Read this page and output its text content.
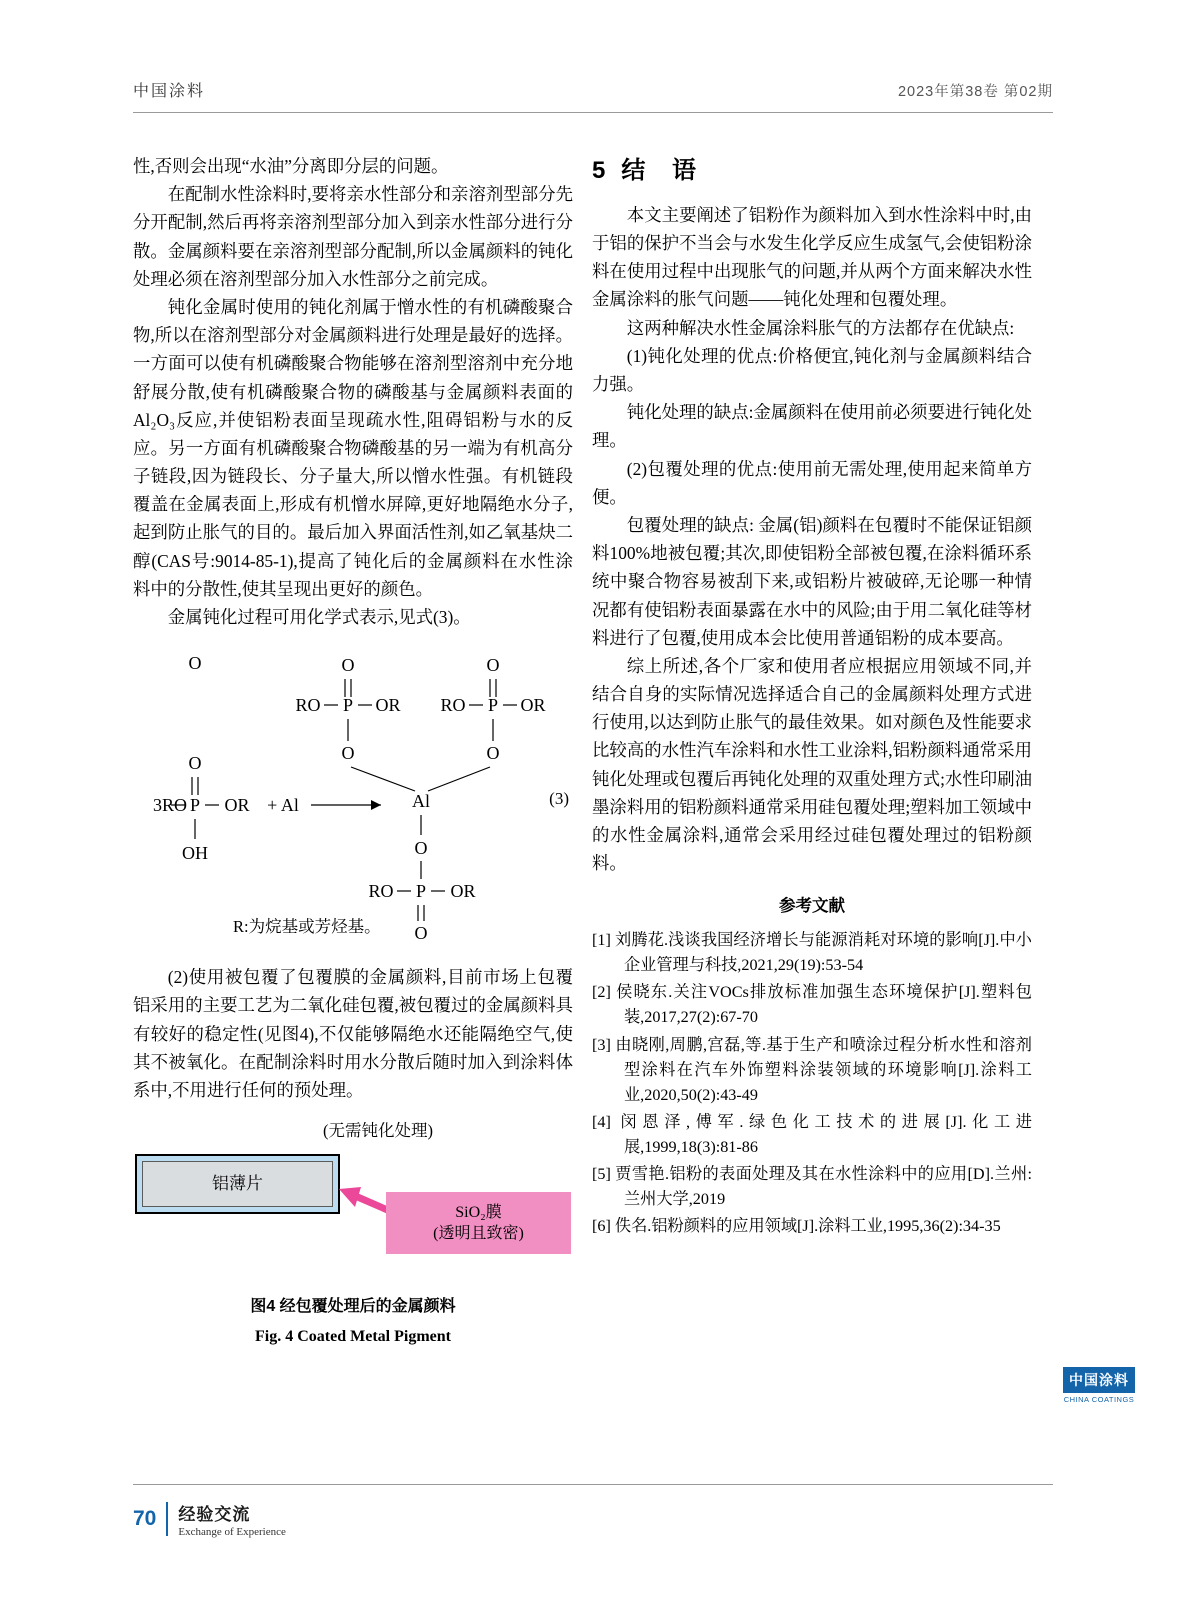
中国涂料	2023年第38卷 第02期

性,否则会出现“水油”分离即分层的问题。

在配制水性涂料时,要将亲水性部分和亲溶剂型部分先分开配制,然后再将亲溶剂型部分加入到亲水性部分进行分散。金属颜料要在亲溶剂型部分配制,所以金属颜料的钝化处理必须在溶剂型部分加入水性部分之前完成。

钝化金属时使用的钝化剂属于憎水性的有机磷酸聚合物,所以在溶剂型部分对金属颜料进行处理是最好的选择。一方面可以使有机磷酸聚合物能够在溶剂型溶剂中充分地舒展分散,使有机磷酸聚合物的磷酸基与金属颜料表面的Al₂O₃反应,并使铝粉表面呈现疏水性,阻碍铝粉与水的反应。另一方面有机磷酸聚合物磷酸基的另一端为有机高分子链段,因为链段长、分子量大,所以憎水性强。有机链段覆盖在金属表面上,形成有机憎水屏障,更好地隔绝水分子,起到防止胀气的目的。最后加入界面活性剂,如乙氧基炔二醇(CAS号:9014-85-1),提高了钝化后的金属颜料在水性涂料中的分散性,使其呈现出更好的颜色。

金属钝化过程可用化学式表示,见式(3)。

O
RO P OR
O
O
RO P OR
O
Al
O
RO P OR
O
O
O
3RO P OR + Al
OH
R:为烷基或芳烃基。
(3)

(2)使用被包覆了包覆膜的金属颜料,目前市场上包覆铝采用的主要工艺为二氧化硅包覆,被包覆过的金属颜料具有较好的稳定性(见图4),不仅能够隔绝水还能隔绝空气,使其不被氧化。在配制涂料时用水分散后随时加入到涂料体系中,不用进行任何的预处理。

(无需钝化处理)
铝薄片
SiO₂膜
(透明且致密)
图4 经包覆处理后的金属颜料
Fig. 4 Coated Metal Pigment
5 结 语

本文主要阐述了铝粉作为颜料加入到水性涂料中时,由于铝的保护不当会与水发生化学反应生成氢气,会使铝粉涂料在使用过程中出现胀气的问题,并从两个方面来解决水性金属涂料的胀气问题——钝化处理和包覆处理。

这两种解决水性金属涂料胀气的方法都存在优缺点:

(1)钝化处理的优点:价格便宜,钝化剂与金属颜料结合力强。

钝化处理的缺点:金属颜料在使用前必须要进行钝化处理。

(2)包覆处理的优点:使用前无需处理,使用起来简单方便。

包覆处理的缺点: 金属(铝)颜料在包覆时不能保证铝颜料100%地被包覆;其次,即使铝粉全部被包覆,在涂料循环系统中聚合物容易被刮下来,或铝粉片被破碎,无论哪一种情况都有使铝粉表面暴露在水中的风险;由于用二氧化硅等材料进行了包覆,使用成本会比使用普通铝粉的成本要高。

综上所述,各个厂家和使用者应根据应用领域不同,并结合自身的实际情况选择适合自己的金属颜料处理方式进行使用,以达到防止胀气的最佳效果。如对颜色及性能要求比较高的水性汽车涂料和水性工业涂料,铝粉颜料通常采用钝化处理或包覆后再钝化处理的双重处理方式;水性印刷油墨涂料用的铝粉颜料通常采用硅包覆处理;塑料加工领域中的水性金属涂料,通常会采用经过硅包覆处理过的铝粉颜料。

参考文献
[1] 刘腾花.浅谈我国经济增长与能源消耗对环境的影响[J].中小企业管理与科技,2021,29(19):53-54
[2] 侯晓东.关注VOCs排放标准加强生态环境保护[J].塑料包装,2017,27(2):67-70
[3] 由晓刚,周鹏,宫磊,等.基于生产和喷涂过程分析水性和溶剂型涂料在汽车外饰塑料涂装领域的环境影响[J].涂料工业,2020,50(2):43-49
[4] 闵恩泽,傅军.绿色化工技术的进展[J].化工进展,1999,18(3):81-86
[5] 贾雪艳.铝粉的表面处理及其在水性涂料中的应用[D].兰州:兰州大学,2019
[6] 佚名.铝粉颜料的应用领域[J].涂料工业,1995,36(2):34-35
中国涂料
CHINA COATINGS
70 经验交流
Exchange of Experience
